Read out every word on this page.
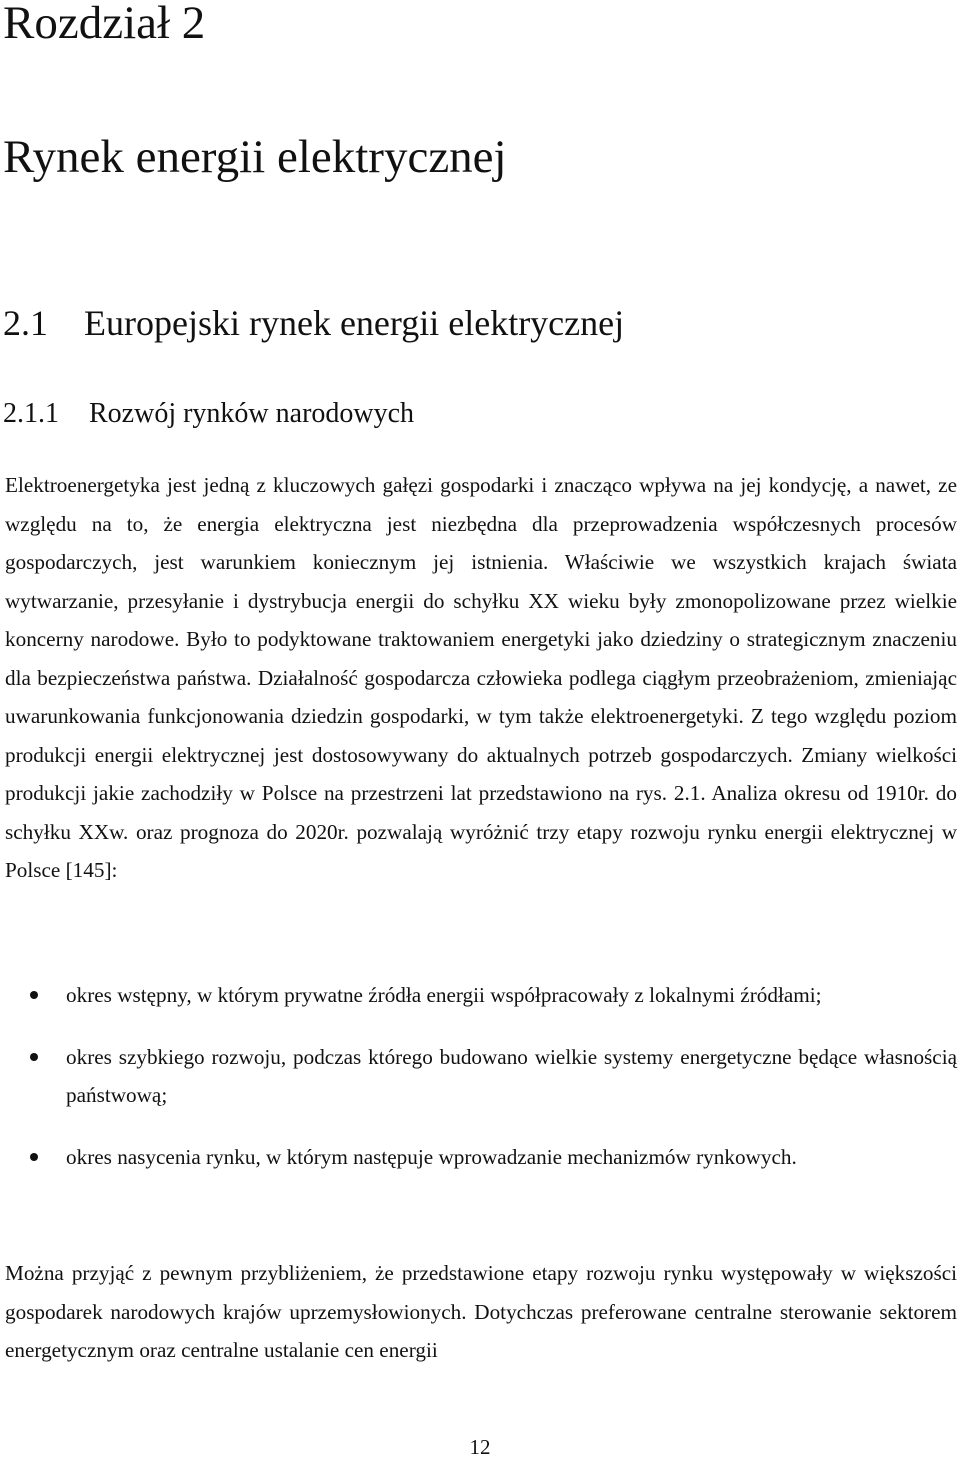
Rozdział 2
Rynek energii elektrycznej
2.1 Europejski rynek energii elektrycznej
2.1.1 Rozwój rynków narodowych

Elektroenergetyka jest jedną z kluczowych gałęzi gospodarki i znacząco wpływa na jej kondycję, a nawet, ze względu na to, że energia elektryczna jest niezbędna dla przeprowadzenia współczesnych procesów gospodarczych, jest warunkiem koniecznym jej istnienia. Właściwie we wszystkich krajach świata wytwarzanie, przesyłanie i dystrybucja energii do schyłku XX wieku były zmonopolizowane przez wielkie koncerny narodowe. Było to podyktowane traktowaniem energetyki jako dziedziny o strategicznym znaczeniu dla bezpieczeństwa państwa. Działalność gospodarcza człowieka podlega ciągłym przeobrażeniom, zmieniając uwarunkowania funkcjonowania dziedzin gospodarki, w tym także elektroenergetyki. Z tego względu poziom produkcji energii elektrycznej jest dostosowywany do aktualnych potrzeb gospodarczych. Zmiany wielkości produkcji jakie zachodziły w Polsce na przestrzeni lat przedstawiono na rys. 2.1. Analiza okresu od 1910r. do schyłku XXw. oraz prognoza do 2020r. pozwalają wyróżnić trzy etapy rozwoju rynku energii elektrycznej w Polsce [145]:

okres wstępny, w którym prywatne źródła energii współpracowały z lokalnymi źródłami;
okres szybkiego rozwoju, podczas którego budowano wielkie systemy energetyczne będące własnością państwową;
okres nasycenia rynku, w którym następuje wprowadzanie mechanizmów rynkowych.

Można przyjąć z pewnym przybliżeniem, że przedstawione etapy rozwoju rynku występowały w większości gospodarek narodowych krajów uprzemysłowionych. Dotychczas preferowane centralne sterowanie sektorem energetycznym oraz centralne ustalanie cen energii

12
